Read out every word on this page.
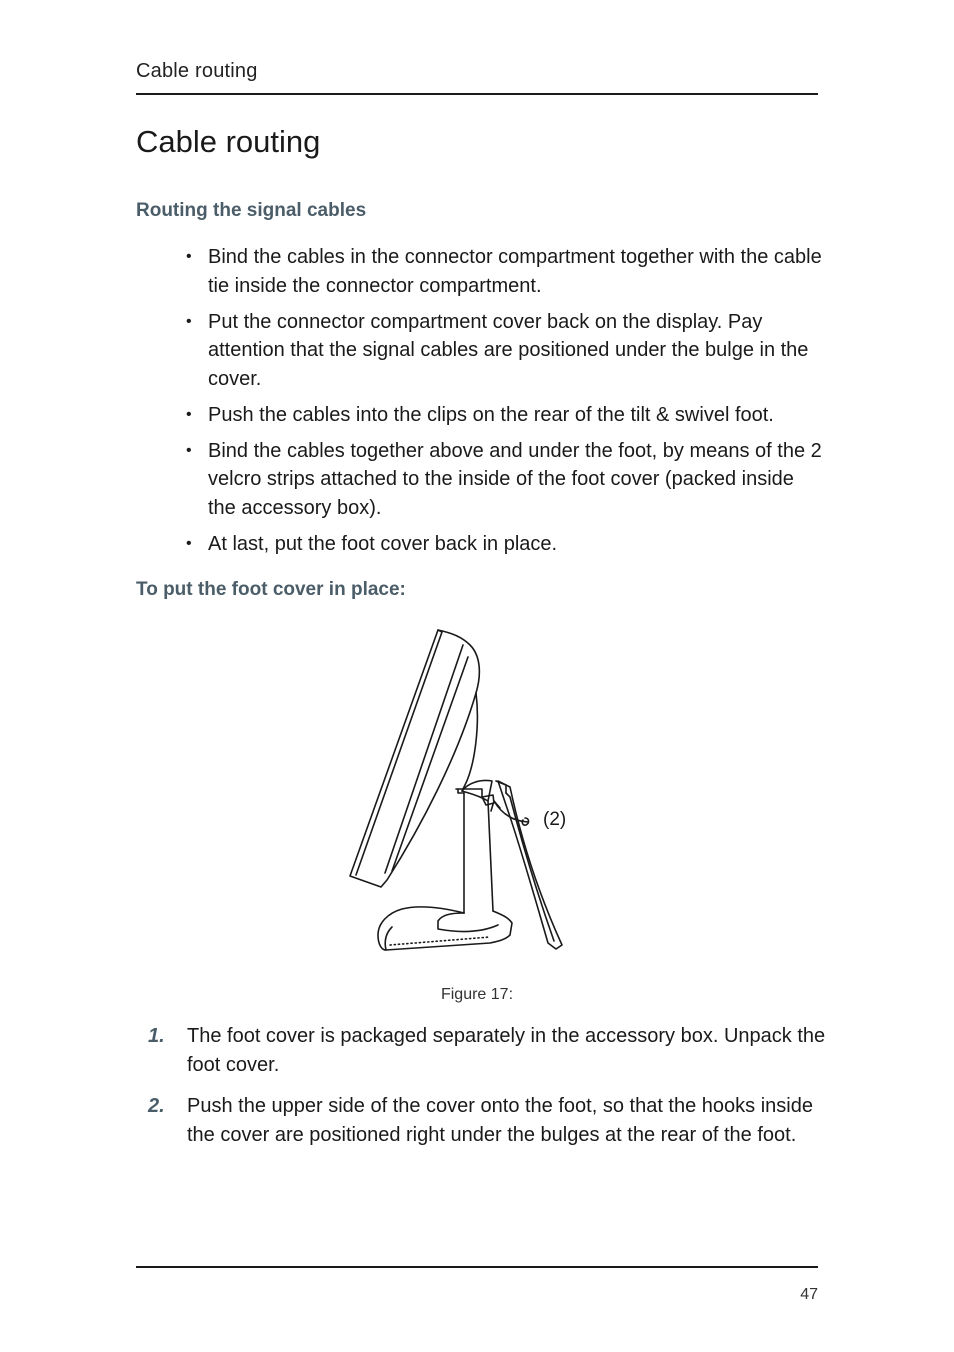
Cable routing
Cable routing
Routing the signal cables
• Bind the cables in the connector compartment together with the cable tie inside the connector compartment.
• Put the connector compartment cover back on the display. Pay attention that the signal cables are positioned under the bulge in the cover.
• Push the cables into the clips on the rear of the tilt & swivel foot.
• Bind the cables together above and under the foot, by means of the 2 velcro strips attached to the inside of the foot cover (packed inside the accessory box).
• At last, put the foot cover back in place.
To put the foot cover in place:
(2)
Figure 17:
1. The foot cover is packaged separately in the accessory box. Unpack the foot cover.
2. Push the upper side of the cover onto the foot, so that the hooks inside the cover are positioned right under the bulges at the rear of the foot.
47
